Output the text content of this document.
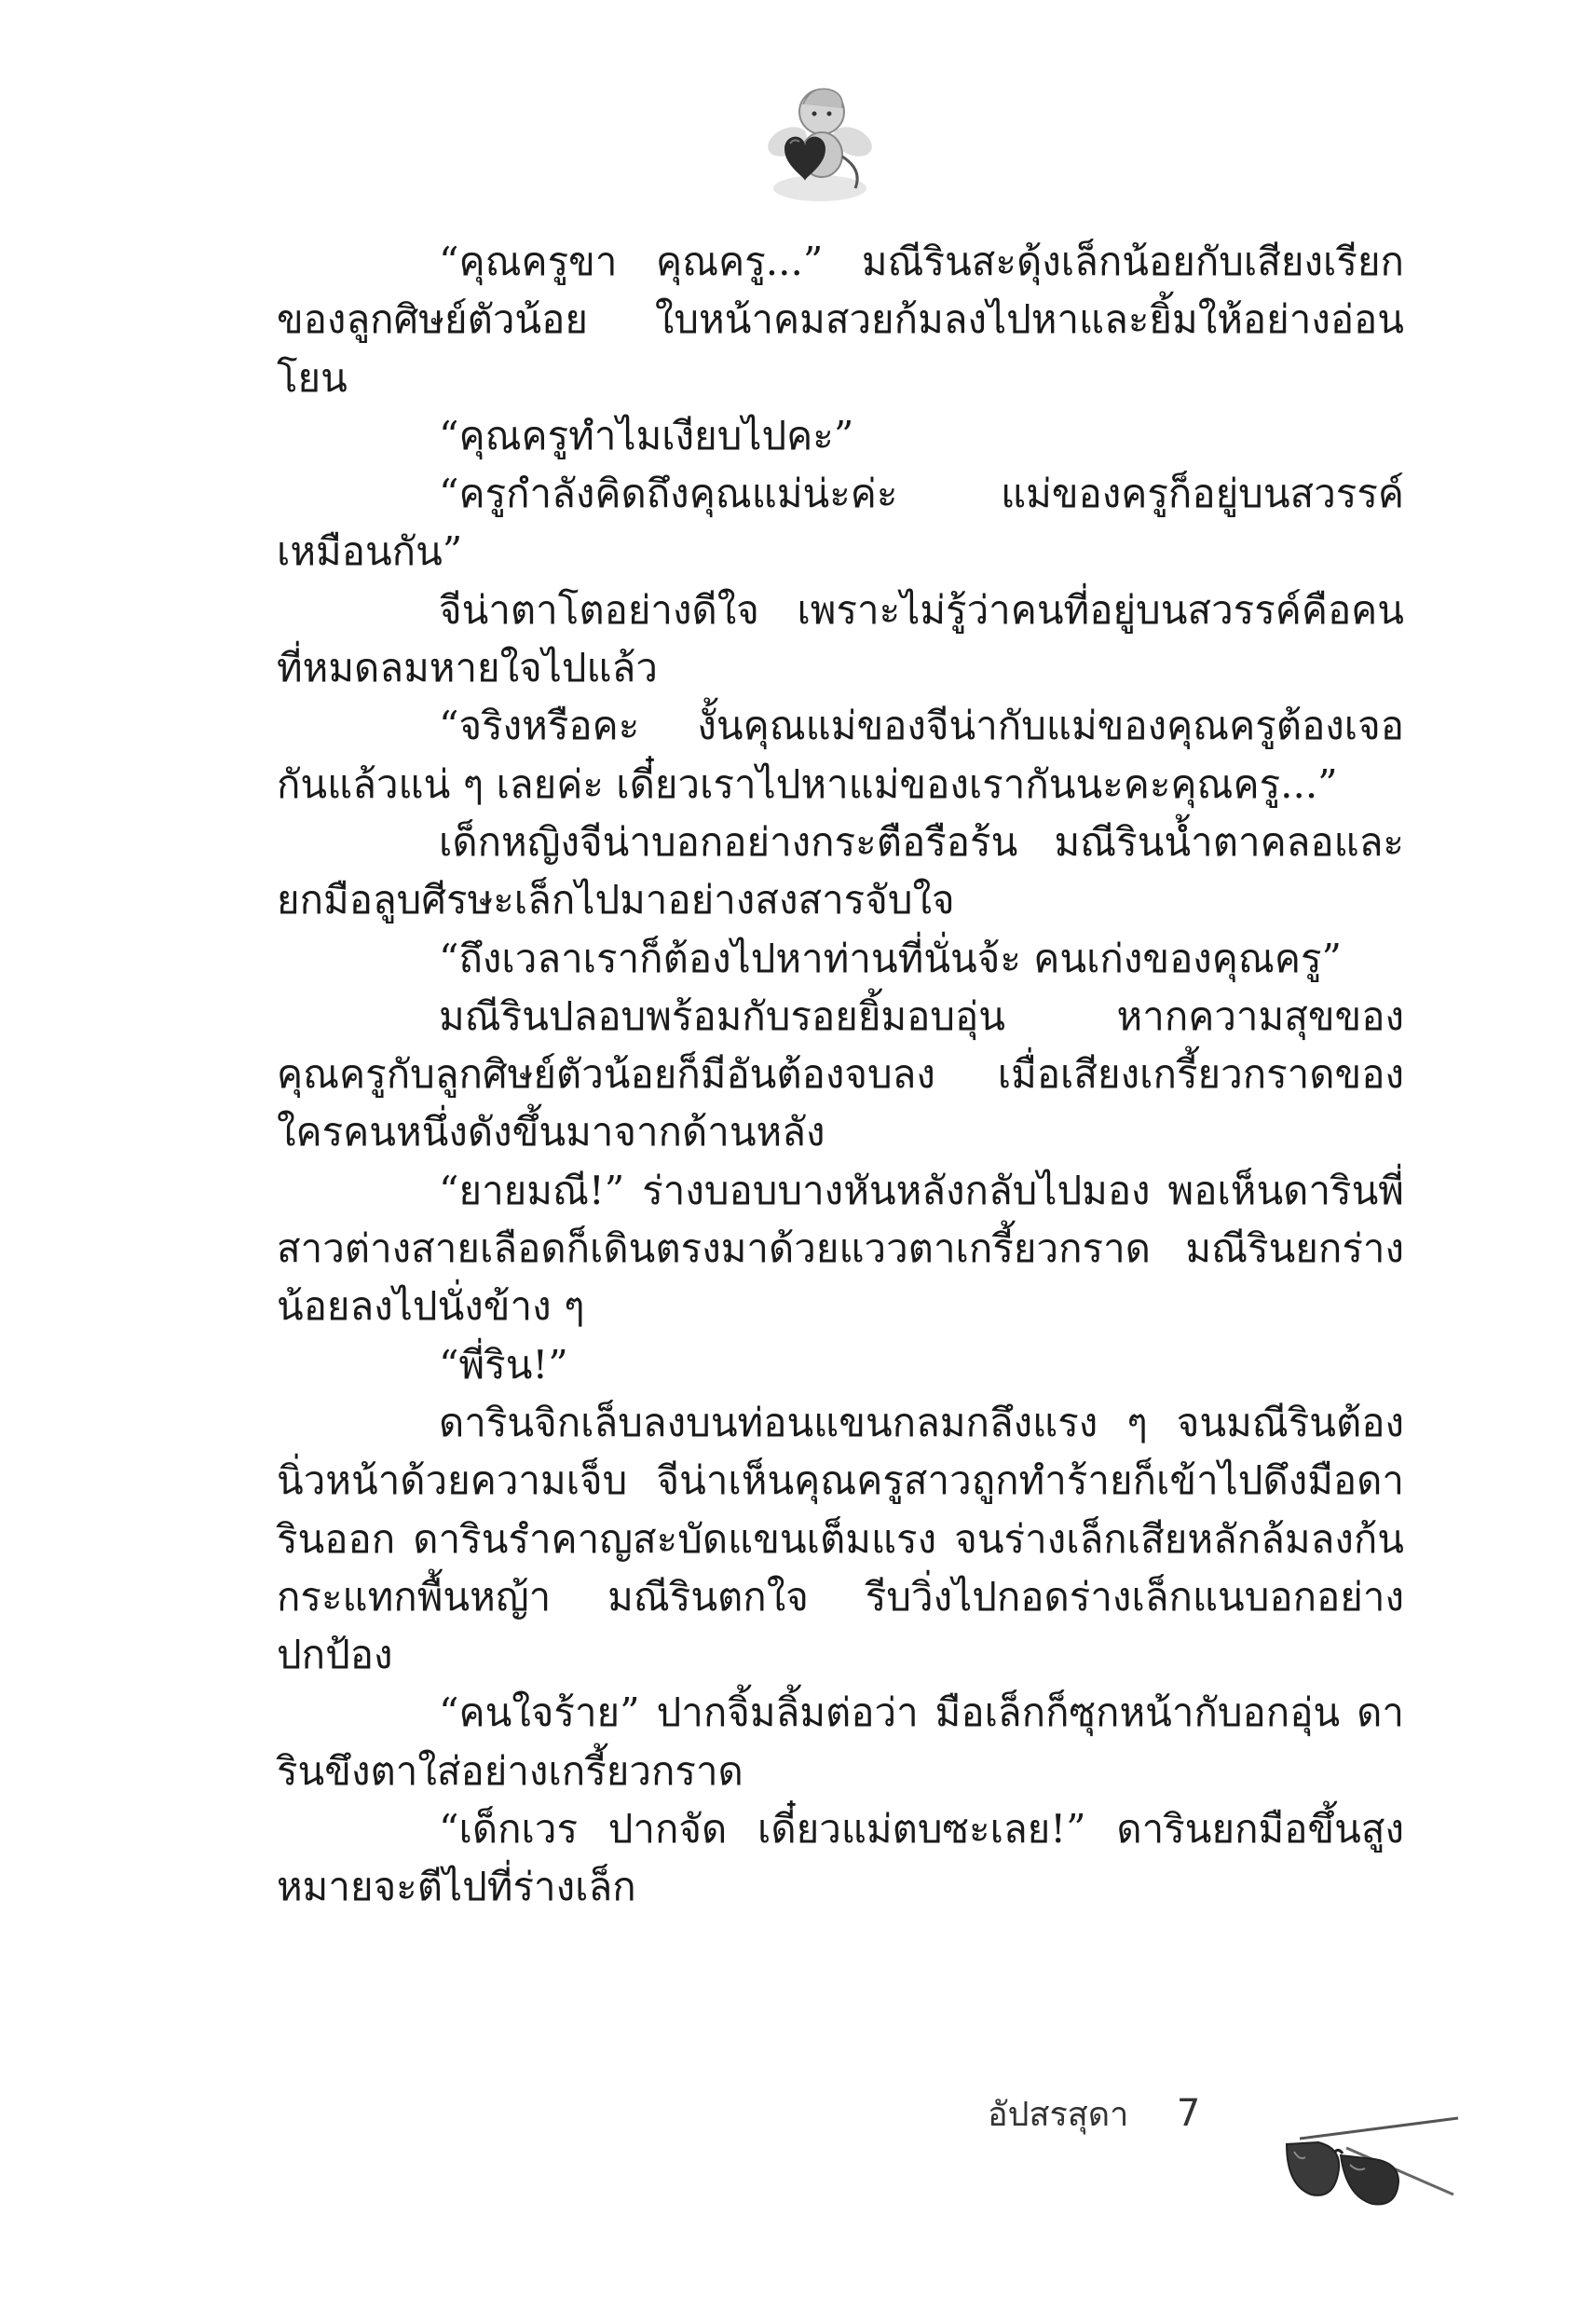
“คุณครูขา คุณครู...” มณีรินสะดุ้งเล็กน้อยกับเสียงเรียกของลูกศิษย์ตัวน้อย ใบหน้าคมสวยก้มลงไปหาและยิ้มให้อย่างอ่อนโยน

“คุณครูทำไมเงียบไปคะ”

“ครูกำลังคิดถึงคุณแม่น่ะค่ะ แม่ของครูก็อยู่บนสวรรค์เหมือนกัน”

จีน่าตาโตอย่างดีใจ เพราะไม่รู้ว่าคนที่อยู่บนสวรรค์คือคนที่หมดลมหายใจไปแล้ว

“จริงหรือคะ งั้นคุณแม่ของจีน่ากับแม่ของคุณครูต้องเจอกันแล้วแน่ ๆ เลยค่ะ เดี๋ยวเราไปหาแม่ของเรากันนะคะคุณครู...”

เด็กหญิงจีน่าบอกอย่างกระตือรือร้น มณีรินน้ำตาคลอและยกมือลูบศีรษะเล็กไปมาอย่างสงสารจับใจ

“ถึงเวลาเราก็ต้องไปหาท่านที่นั่นจ้ะ คนเก่งของคุณครู”

มณีรินปลอบพร้อมกับรอยยิ้มอบอุ่น หากความสุขของคุณครูกับลูกศิษย์ตัวน้อยก็มีอันต้องจบลง เมื่อเสียงเกรี้ยวกราดของใครคนหนึ่งดังขึ้นมาจากด้านหลัง

“ยายมณี!” ร่างบอบบางหันหลังกลับไปมอง พอเห็นดารินพี่สาวต่างสายเลือดก็เดินตรงมาด้วยแววตาเกรี้ยวกราด มณีรินยกร่างน้อยลงไปนั่งข้าง ๆ

“พี่ริน!”

ดารินจิกเล็บลงบนท่อนแขนกลมกลึงแรง ๆ จนมณีรินต้องนิ่วหน้าด้วยความเจ็บ จีน่าเห็นคุณครูสาวถูกทำร้ายก็เข้าไปดึงมือดารินออก ดารินรำคาญสะบัดแขนเต็มแรง จนร่างเล็กเสียหลักล้มลงก้นกระแทกพื้นหญ้า มณีรินตกใจ รีบวิ่งไปกอดร่างเล็กแนบอกอย่างปกป้อง

“คนใจร้าย” ปากจิ้มลิ้มต่อว่า มือเล็กก็ซุกหน้ากับอกอุ่น ดารินขึงตาใส่อย่างเกรี้ยวกราด

“เด็กเวร ปากจัด เดี๋ยวแม่ตบซะเลย!” ดารินยกมือขึ้นสูงหมายจะตีไปที่ร่างเล็ก

อัปสรสุดา 7
